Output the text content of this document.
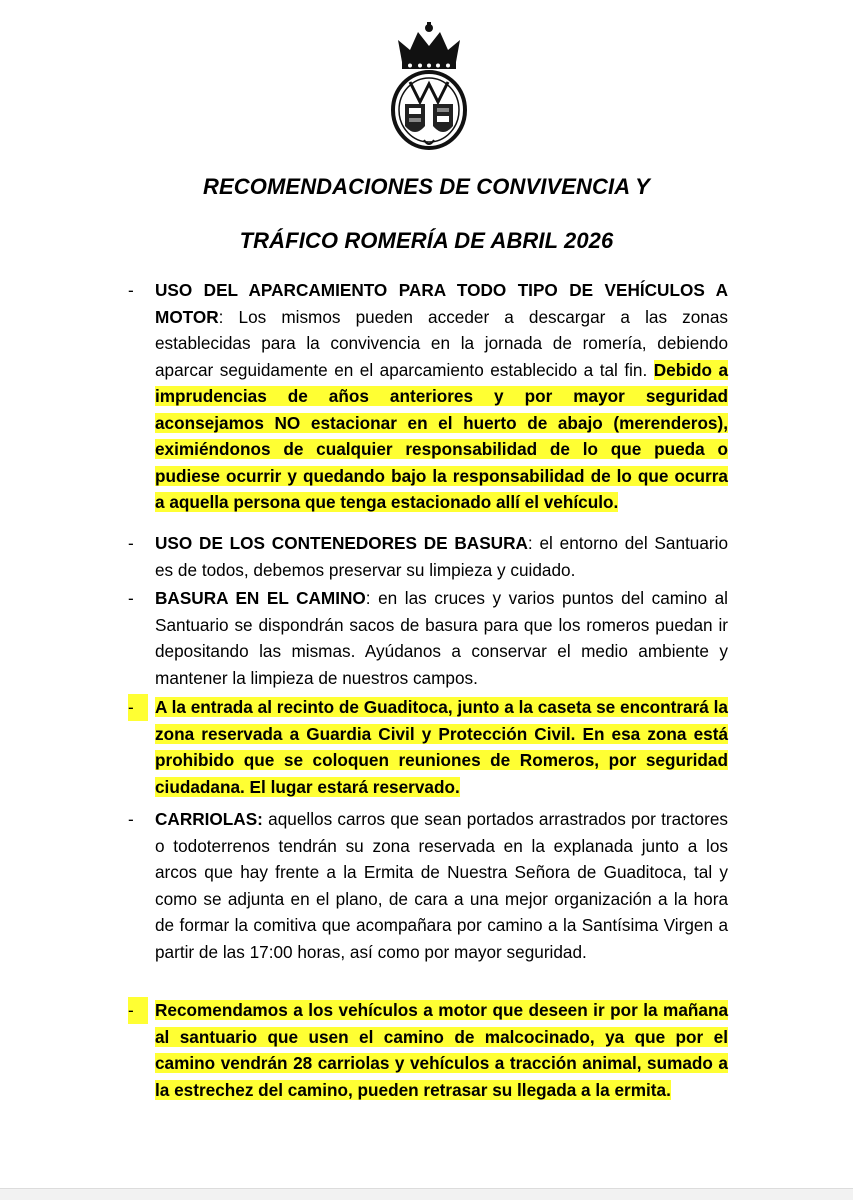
RECOMENDACIONES DE CONVIVENCIA Y
TRÁFICO ROMERÍA DE ABRIL 2026
-	USO DEL APARCAMIENTO PARA TODO TIPO DE VEHÍCULOS A MOTOR: Los mismos pueden acceder a descargar a las zonas establecidas para la convivencia en la jornada de romería, debiendo aparcar seguidamente en el aparcamiento establecido a tal fin. Debido a imprudencias de años anteriores y por mayor seguridad aconsejamos NO estacionar en el huerto de abajo (merenderos), eximiéndonos de cualquier responsabilidad de lo que pueda o pudiese ocurrir y quedando bajo la responsabilidad de lo que ocurra a aquella persona que tenga estacionado allí el vehículo.
-	USO DE LOS CONTENEDORES DE BASURA: el entorno del Santuario es de todos, debemos preservar su limpieza y cuidado.
-	BASURA EN EL CAMINO: en las cruces y varios puntos del camino al Santuario se dispondrán sacos de basura para que los romeros puedan ir depositando las mismas. Ayúdanos a conservar el medio ambiente y mantener la limpieza de nuestros campos.
-	A la entrada al recinto de Guaditoca, junto a la caseta se encontrará la zona reservada a Guardia Civil y Protección Civil. En esa zona está prohibido que se coloquen reuniones de Romeros, por seguridad ciudadana. El lugar estará reservado.
-	CARRIOLAS: aquellos carros que sean portados arrastrados por tractores o todoterrenos tendrán su zona reservada en la explanada junto a los arcos que hay frente a la Ermita de Nuestra Señora de Guaditoca, tal y como se adjunta en el plano, de cara a una mejor organización a la hora de formar la comitiva que acompañara por camino a la Santísima Virgen a partir de las 17:00 horas, así como por mayor seguridad.
-	Recomendamos a los vehículos a motor que deseen ir por la mañana al santuario que usen el camino de malcocinado, ya que por el camino vendrán 28 carriolas y vehículos a tracción animal, sumado a la estrechez del camino, pueden retrasar su llegada a la ermita.
